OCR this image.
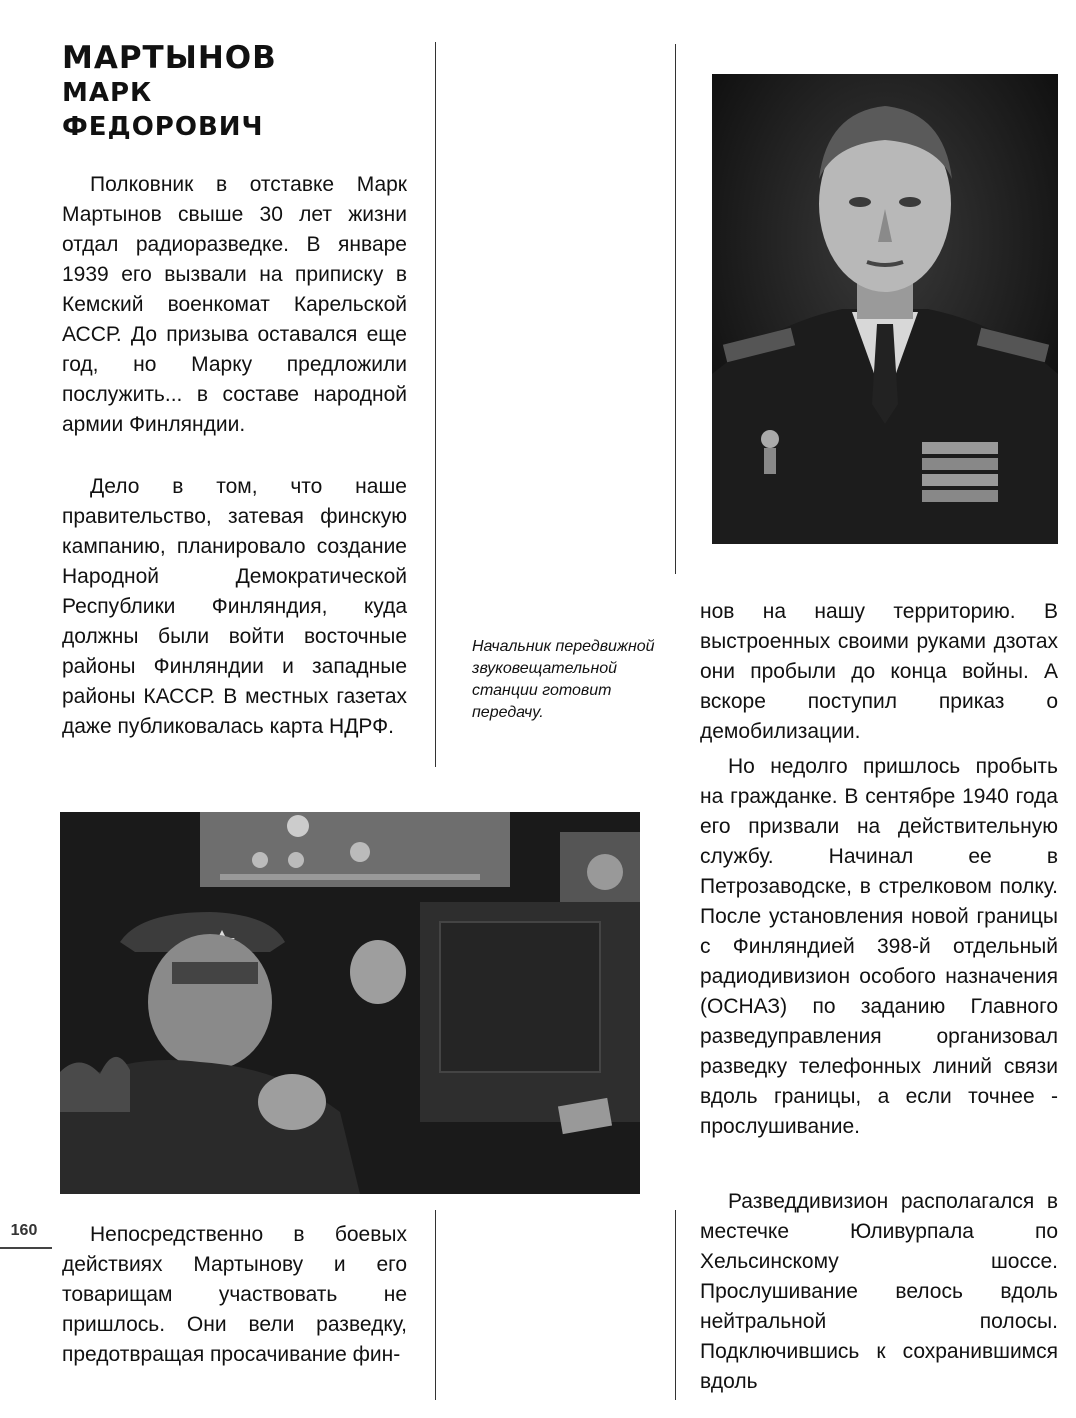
МАРТЫНОВ

МАРК

ФЕДОРОВИЧ

Полковник в отставке Марк Мартынов свыше 30 лет жизни отдал радиоразведке. В январе 1939 его вызвали на приписку в Кемский военкомат Карельской АССР. До призыва оставался еще год, но Марку предложили послужить... в составе народной армии Финляндии.

Дело в том, что наше правительство, затевая финскую кампанию, планировало создание Народной Демократической Республики Финляндия, куда должны были войти восточные районы Финляндии и западные районы КАССР. В местных газетах даже публиковалась карта НДРФ.

Начальник передвижной звуковещательной станции готовит передачу.

нов на нашу территорию. В выстроенных своими руками дзотах они пробыли до конца войны. А вскоре поступил приказ о демобилизации.

Но недолго пришлось пробыть на гражданке. В сентябре 1940 года его призвали на действительную службу. Начинал ее в Петрозаводске, в стрелковом полку. После установления новой границы с Финляндией 398-й отдельный радиодивизион особого назначения (ОСНАЗ) по заданию Главного разведуправления организовал разведку телефонных линий связи вдоль границы, а если точнее - прослушивание.

Разведдивизион располагался в местечке Юливурпала по Хельсинскому шоссе. Прослушивание велось вдоль нейтральной полосы. Подключившись к сохранившимся вдоль

160	Непосредственно в боевых действиях Мартынову и его товарищам участвовать не пришлось. Они вели разведку, предотвращая просачивание фин-
